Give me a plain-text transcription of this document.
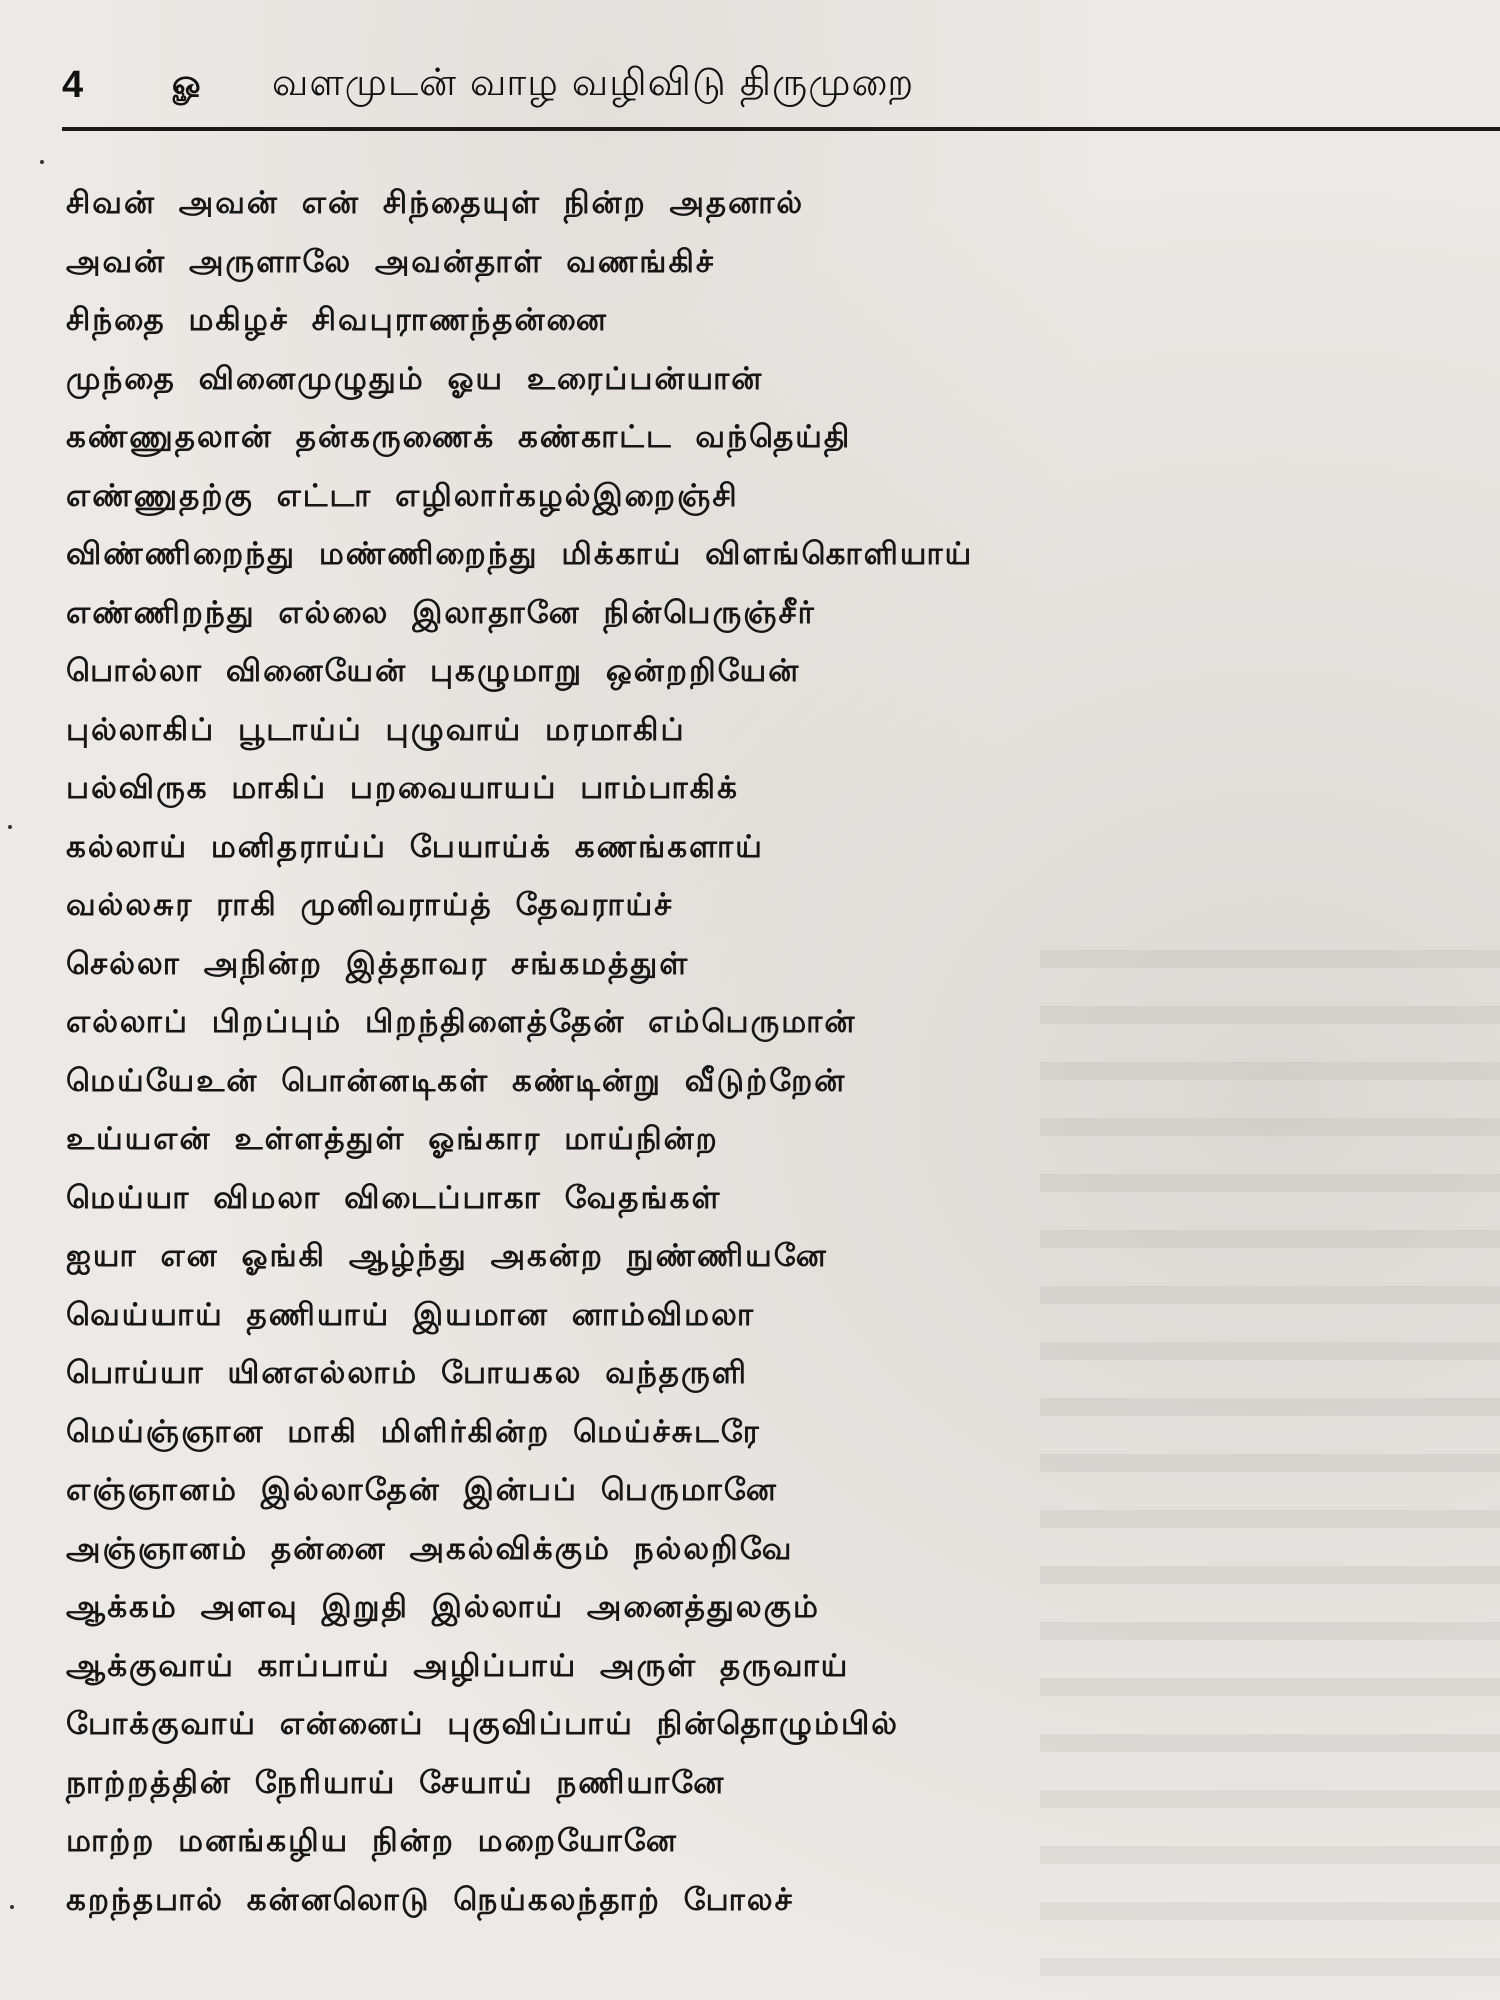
4	ௐ	வளமுடன் வாழ வழிவிடு திருமுறை
சிவன் அவன் என் சிந்தையுள் நின்ற அதனால்
அவன் அருளாலே அவன்தாள் வணங்கிச்
சிந்தை மகிழச் சிவபுராணந்தன்னை
முந்தை வினைமுழுதும் ஓய உரைப்பன்யான்
கண்ணுதலான் தன்கருணைக் கண்காட்ட வந்தெய்தி
எண்ணுதற்கு எட்டா எழிலார்கழல்இறைஞ்சி
விண்ணிறைந்து மண்ணிறைந்து மிக்காய் விளங்கொளியாய்
எண்ணிறந்து எல்லை இலாதானே நின்பெருஞ்சீர்
பொல்லா வினையேன் புகழுமாறு ஒன்றறியேன்
புல்லாகிப் பூடாய்ப் புழுவாய் மரமாகிப்
பல்விருக மாகிப் பறவையாயப் பாம்பாகிக்
கல்லாய் மனிதராய்ப் பேயாய்க் கணங்களாய்
வல்லசுர ராகி முனிவராய்த் தேவராய்ச்
செல்லா அநின்ற இத்தாவர சங்கமத்துள்
எல்லாப் பிறப்பும் பிறந்திளைத்தேன் எம்பெருமான்
மெய்யேஉன் பொன்னடிகள் கண்டின்று வீடுற்றேன்
உய்யஎன் உள்ளத்துள் ஓங்கார மாய்நின்ற
மெய்யா விமலா விடைப்பாகா வேதங்கள்
ஐயா என ஓங்கி ஆழ்ந்து அகன்ற நுண்ணியனே
வெய்யாய் தணியாய் இயமான னாம்விமலா
பொய்யா யினஎல்லாம் போயகல வந்தருளி
மெய்ஞ்ஞான மாகி மிளிர்கின்ற மெய்ச்சுடரே
எஞ்ஞானம் இல்லாதேன் இன்பப் பெருமானே
அஞ்ஞானம் தன்னை அகல்விக்கும் நல்லறிவே
ஆக்கம் அளவு இறுதி இல்லாய் அனைத்துலகும்
ஆக்குவாய் காப்பாய் அழிப்பாய் அருள் தருவாய்
போக்குவாய் என்னைப் புகுவிப்பாய் நின்தொழும்பில்
நாற்றத்தின் நேரியாய் சேயாய் நணியானே
மாற்ற மனங்கழிய நின்ற மறையோனே
கறந்தபால் கன்னலொடு நெய்கலந்தாற் போலச்
